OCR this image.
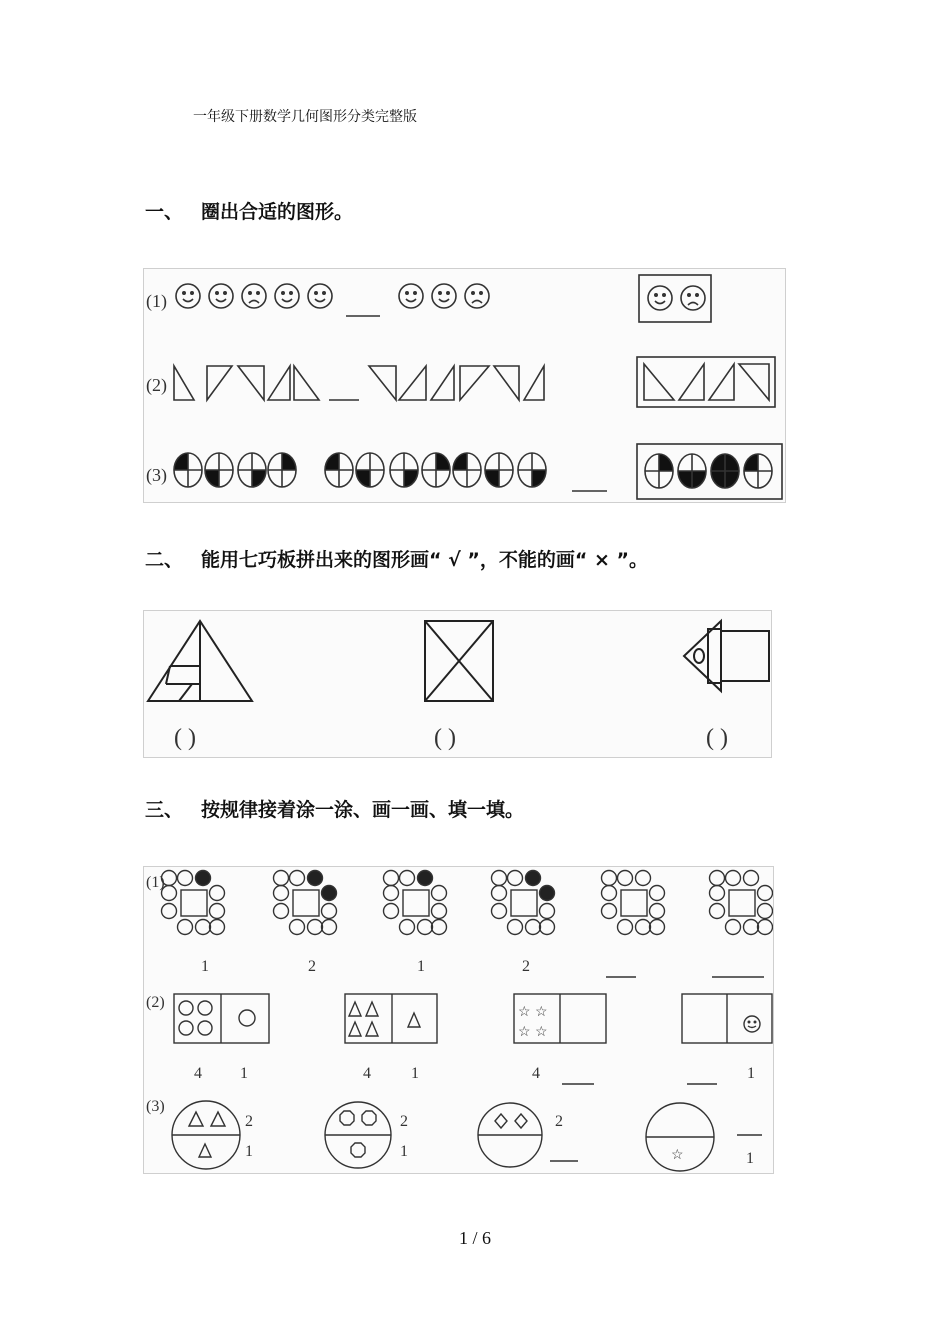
一年级下册数学几何图形分类完整版
一、 圈出合适的图形。
(1)
(2)
(3)
二、 能用七巧板拼出来的图形画“ √ ”，不能的画“ × ”。
( )	( )	( )
三、 按规律接着涂一涂、画一画、填一填。
☆ ☆
☆ ☆
☆
(1)
(2)
(3)
1	2	1	2
4 1	4	1	4	1
2
1
2
1
2
1
1 / 6
